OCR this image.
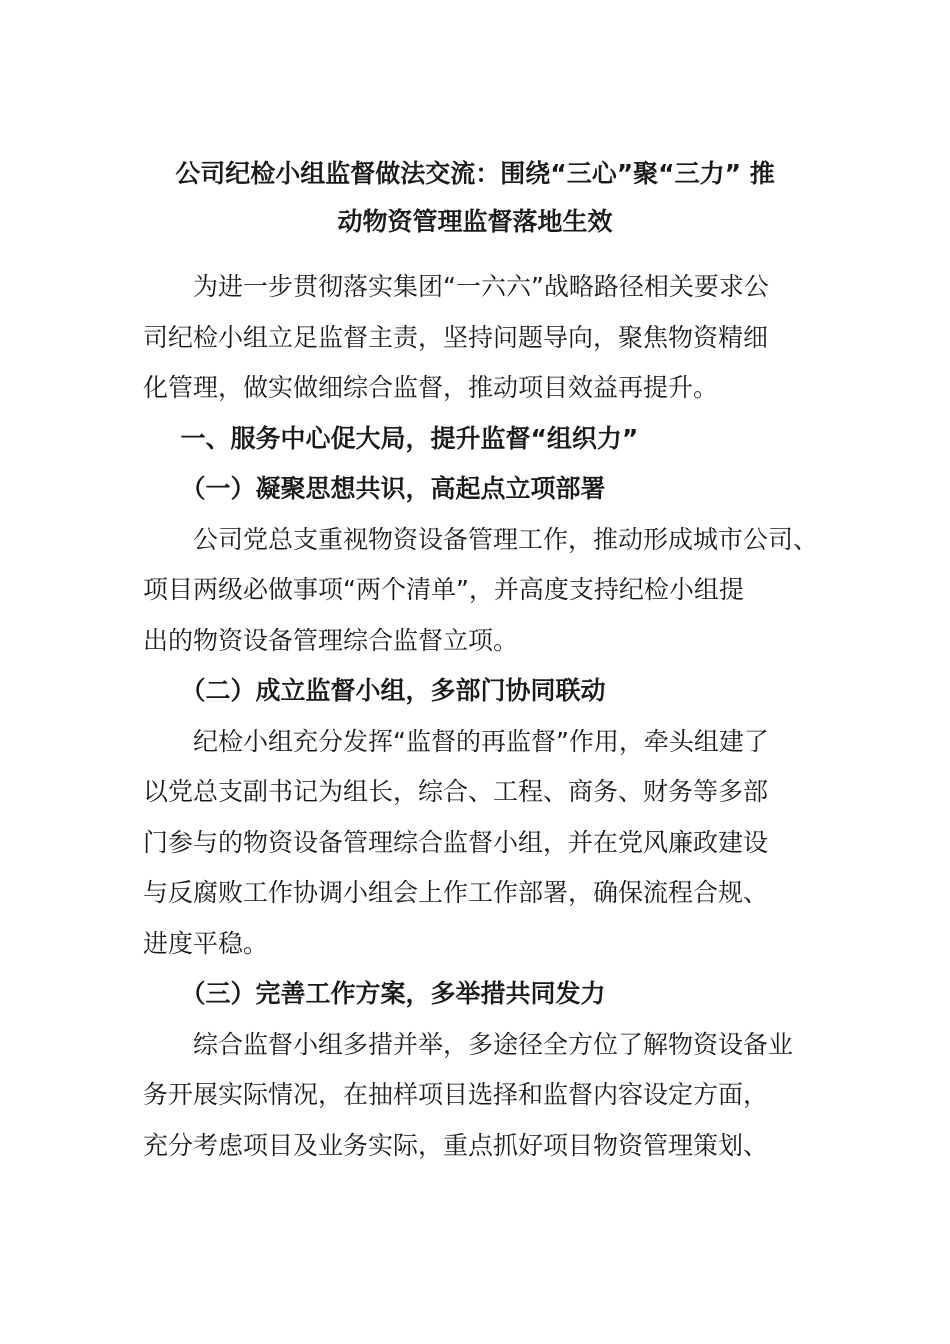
公司纪检小组监督做法交流：围绕“三心”聚“三力” 推
动物资管理监督落地生效

为进一步贯彻落实集团“一六六”战略路径相关要求公
司纪检小组立足监督主责，坚持问题导向，聚焦物资精细
化管理，做实做细综合监督，推动项目效益再提升。

一、服务中心促大局，提升监督“组织力”

（一）凝聚思想共识，高起点立项部署

公司党总支重视物资设备管理工作，推动形成城市公司、
项目两级必做事项“两个清单”，并高度支持纪检小组提
出的物资设备管理综合监督立项。

（二）成立监督小组，多部门协同联动

纪检小组充分发挥“监督的再监督”作用，牵头组建了
以党总支副书记为组长，综合、工程、商务、财务等多部
门参与的物资设备管理综合监督小组，并在党风廉政建设
与反腐败工作协调小组会上作工作部署，确保流程合规、
进度平稳。

（三）完善工作方案，多举措共同发力

综合监督小组多措并举，多途径全方位了解物资设备业
务开展实际情况，在抽样项目选择和监督内容设定方面，
充分考虑项目及业务实际，重点抓好项目物资管理策划、
